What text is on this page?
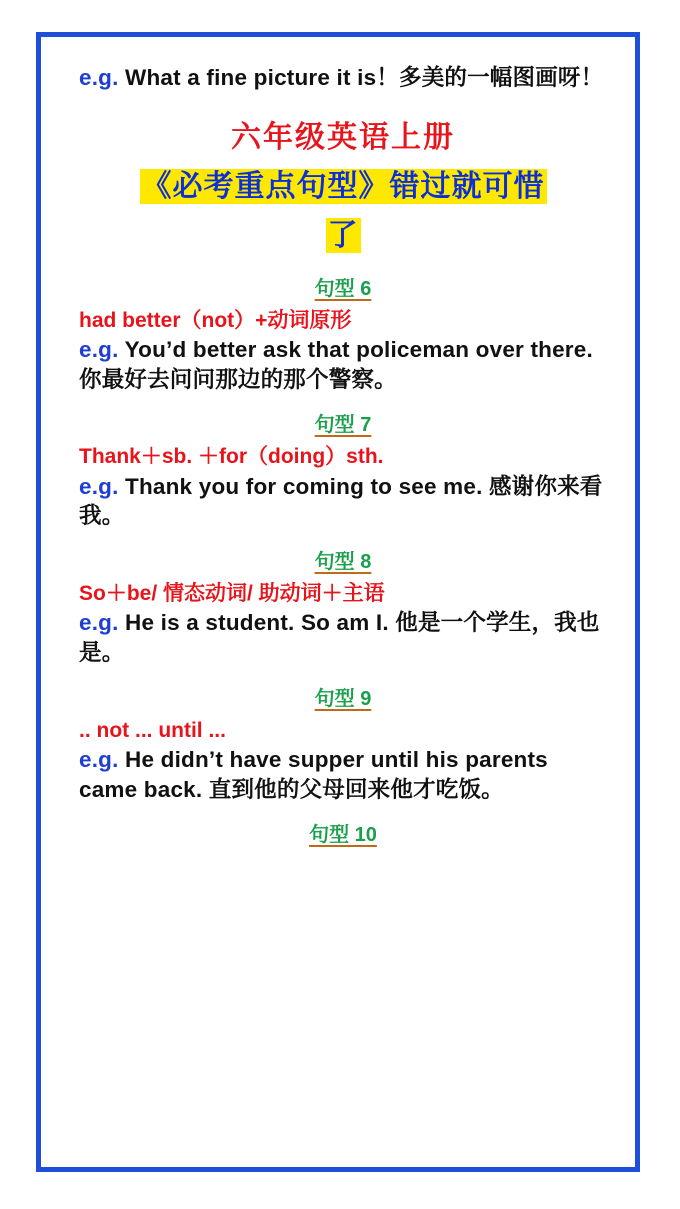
e.g. What a fine picture it is！多美的一幅图画呀！

六年级英语上册
《必考重点句型》错过就可惜
了
句型 6
had better（not）+动词原形
e.g. You’d better ask that policeman over there. 你最好去问问那边的那个警察。
句型 7
Thank＋sb. ＋for（doing）sth.
e.g. Thank you for coming to see me. 感谢你来看我。
句型 8
So＋be/ 情态动词/ 助动词＋主语
e.g. He is a student. So am I. 他是一个学生，我也是。
句型 9
.. not ... until ...
e.g. He didn’t have supper until his parents came back. 直到他的父母回来他才吃饭。
句型 10
